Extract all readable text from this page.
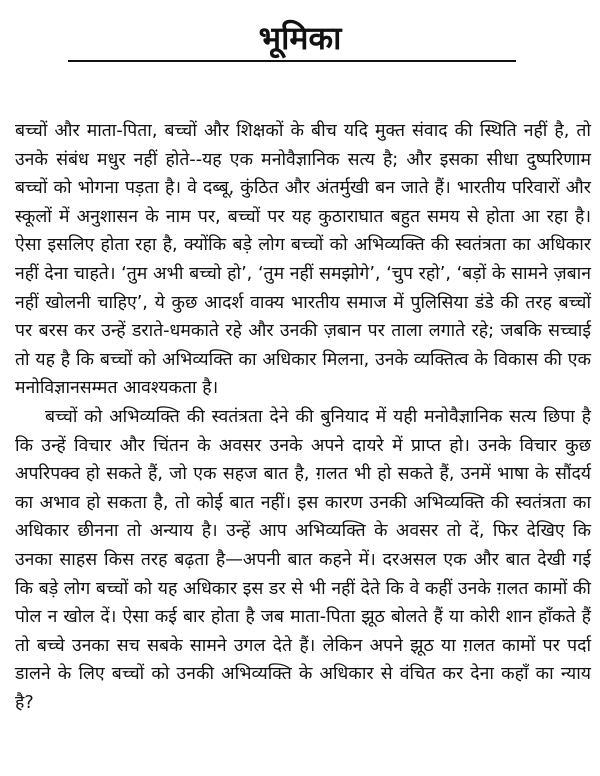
भूमिका

बच्चों और माता-पिता, बच्चों और शिक्षकों के बीच यदि मुक्त संवाद की स्थिति नहीं है, तो उनके संबंध मधुर नहीं होते--यह एक मनोवैज्ञानिक सत्य है; और इसका सीधा दुष्परिणाम बच्चों को भोगना पड़ता है। वे दब्बू, कुंठित और अंतर्मुखी बन जाते हैं। भारतीय परिवारों और स्कूलों में अनुशासन के नाम पर, बच्चों पर यह कुठाराघात बहुत समय से होता आ रहा है। ऐसा इसलिए होता रहा है, क्योंकि बड़े लोग बच्चों को अभिव्यक्ति की स्वतंत्रता का अधिकार नहीं देना चाहते। ‘तुम अभी बच्चो हो’, ‘तुम नहीं समझोगे’, ‘चुप रहो’, ‘बड़ों के सामने ज़बान नहीं खोलनी चाहिए’, ये कुछ आदर्श वाक्य भारतीय समाज में पुलिसिया डंडे की तरह बच्चों पर बरस कर उन्हें डराते-धमकाते रहे और उनकी ज़बान पर ताला लगाते रहे; जबकि सच्चाई तो यह है कि बच्चों को अभिव्यक्ति का अधिकार मिलना, उनके व्यक्तित्व के विकास की एक मनोविज्ञानसम्मत आवश्यकता है।

बच्चों को अभिव्यक्ति की स्वतंत्रता देने की बुनियाद में यही मनोवैज्ञानिक सत्य छिपा है कि उन्हें विचार और चिंतन के अवसर उनके अपने दायरे में प्राप्त हो। उनके विचार कुछ अपरिपक्व हो सकते हैं, जो एक सहज बात है, ग़लत भी हो सकते हैं, उनमें भाषा के सौंदर्य का अभाव हो सकता है, तो कोई बात नहीं। इस कारण उनकी अभिव्यक्ति की स्वतंत्रता का अधिकार छीनना तो अन्याय है। उन्हें आप अभिव्यक्ति के अवसर तो दें, फिर देखिए कि उनका साहस किस तरह बढ़ता है—अपनी बात कहने में। दरअसल एक और बात देखी गई कि बड़े लोग बच्चों को यह अधिकार इस डर से भी नहीं देते कि वे कहीं उनके ग़लत कामों की पोल न खोल दें। ऐसा कई बार होता है जब माता-पिता झूठ बोलते हैं या कोरी शान हाँकते हैं तो बच्चे उनका सच सबके सामने उगल देते हैं। लेकिन अपने झूठ या ग़लत कामों पर पर्दा डालने के लिए बच्चों को उनकी अभिव्यक्ति के अधिकार से वंचित कर देना कहाँ का न्याय है?
